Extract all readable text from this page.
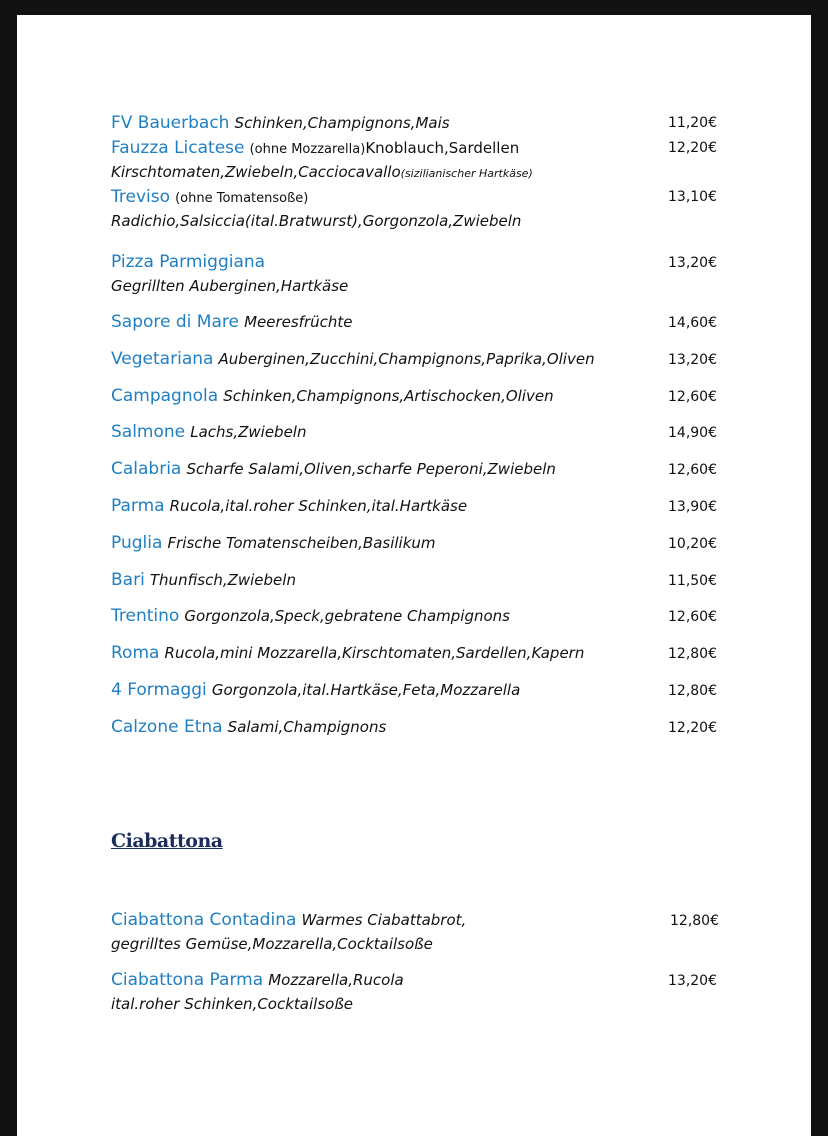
FV Bauerbach Schinken,Champignons,Mais	11,20€
Fauzza Licatese (ohne Mozzarella)Knoblauch,Sardellen
Kirschtomaten,Zwiebeln,Cacciocavallo(sizilianischer Hartkäse)
12,20€
Treviso (ohne Tomatensoße)
Radichio,Salsiccia(ital.Bratwurst),Gorgonzola,Zwiebeln
13,10€
Pizza Parmiggiana
Gegrillten Auberginen,Hartkäse
13,20€
Sapore di Mare Meeresfrüchte	14,60€
Vegetariana Auberginen,Zucchini,Champignons,Paprika,Oliven	13,20€
Campagnola Schinken,Champignons,Artischocken,Oliven	12,60€
Salmone Lachs,Zwiebeln	14,90€
Calabria Scharfe Salami,Oliven,scharfe Peperoni,Zwiebeln	12,60€
Parma Rucola,ital.roher Schinken,ital.Hartkäse	13,90€
Puglia Frische Tomatenscheiben,Basilikum	10,20€
Bari Thunfisch,Zwiebeln	11,50€
Trentino Gorgonzola,Speck,gebratene Champignons	12,60€
Roma Rucola,mini Mozzarella,Kirschtomaten,Sardellen,Kapern	12,80€
4 Formaggi Gorgonzola,ital.Hartkäse,Feta,Mozzarella	12,80€
Calzone Etna Salami,Champignons	12,20€
Ciabattona
Ciabattona Contadina Warmes Ciabattabrot,
gegrilltes Gemüse,Mozzarella,Cocktailsoße
12,80€
Ciabattona Parma Mozzarella,Rucola
ital.roher Schinken,Cocktailsoße
13,20€
